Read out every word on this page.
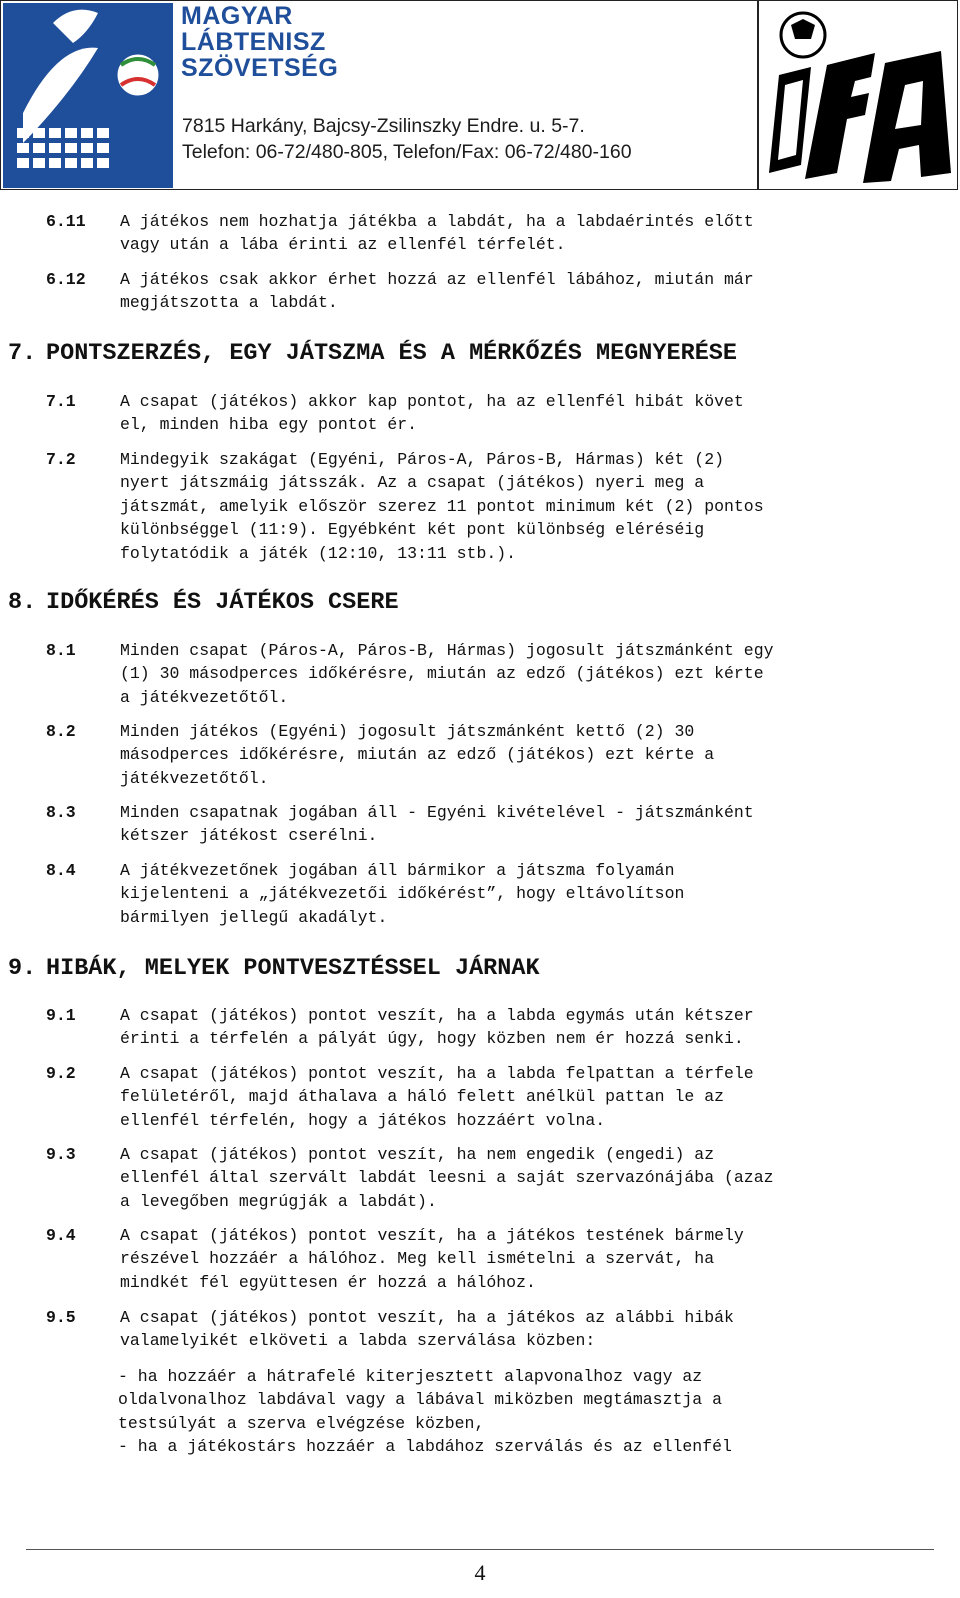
MAGYAR
LÁBTENISZ
SZÖVETSÉG
7815 Harkány, Bajcsy-Zsilinszky Endre. u. 5-7.
Telefon: 06-72/480-805, Telefon/Fax: 06-72/480-160
6.11 A játékos nem hozhatja játékba a labdát, ha a labdaérintés előtt
vagy után a lába érinti az ellenfél térfelét.
6.12 A játékos csak akkor érhet hozzá az ellenfél lábához, miután már
megjátszotta a labdát.
7. PONTSZERZÉS, EGY JÁTSZMA ÉS A MÉRKŐZÉS MEGNYERÉSE
7.1	A csapat (játékos) akkor kap pontot, ha az ellenfél hibát követ
el, minden hiba egy pontot ér.
7.2	Mindegyik szakágat (Egyéni, Páros-A, Páros-B, Hármas) két (2)
nyert játszmáig játsszák. Az a csapat (játékos) nyeri meg a
játszmát, amelyik először szerez 11 pontot minimum két (2) pontos
különbséggel (11:9). Egyébként két pont különbség eléréséig
folytatódik a játék (12:10, 13:11 stb.).
8. IDŐKÉRÉS ÉS JÁTÉKOS CSERE
8.1	Minden csapat (Páros-A, Páros-B, Hármas) jogosult játszmánként egy
(1) 30 másodperces időkérésre, miután az edző (játékos) ezt kérte
a játékvezetőtől.
8.2	Minden játékos (Egyéni) jogosult játszmánként kettő (2) 30
másodperces időkérésre, miután az edző (játékos) ezt kérte a
játékvezetőtől.
8.3	Minden csapatnak jogában áll - Egyéni kivételével - játszmánként
kétszer játékost cserélni.
8.4	A játékvezetőnek jogában áll bármikor a játszma folyamán
kijelenteni a „játékvezetői időkérést”, hogy eltávolítson
bármilyen jellegű akadályt.
9. HIBÁK, MELYEK PONTVESZTÉSSEL JÁRNAK
9.1	A csapat (játékos) pontot veszít, ha a labda egymás után kétszer
érinti a térfelén a pályát úgy, hogy közben nem ér hozzá senki.
9.2	A csapat (játékos) pontot veszít, ha a labda felpattan a térfele
felületéről, majd áthalava a háló felett anélkül pattan le az
ellenfél térfelén, hogy a játékos hozzáért volna.
9.3	A csapat (játékos) pontot veszít, ha nem engedik (engedi) az
ellenfél által szervált labdát leesni a saját szervazónájába (azaz
a levegőben megrúgják a labdát).
9.4	A csapat (játékos) pontot veszít, ha a játékos testének bármely
részével hozzáér a hálóhoz. Meg kell ismételni a szervát, ha
mindkét fél együttesen ér hozzá a hálóhoz.
9.5	A csapat (játékos) pontot veszít, ha a játékos az alábbi hibák
valamelyikét elköveti a labda szerválása közben:
- ha hozzáér a hátrafelé kiterjesztett alapvonalhoz vagy az
oldalvonalhoz labdával vagy a lábával miközben megtámasztja a
testsúlyát a szerva elvégzése közben,
- ha a játékostárs hozzáér a labdához szerválás és az ellenfél
4
